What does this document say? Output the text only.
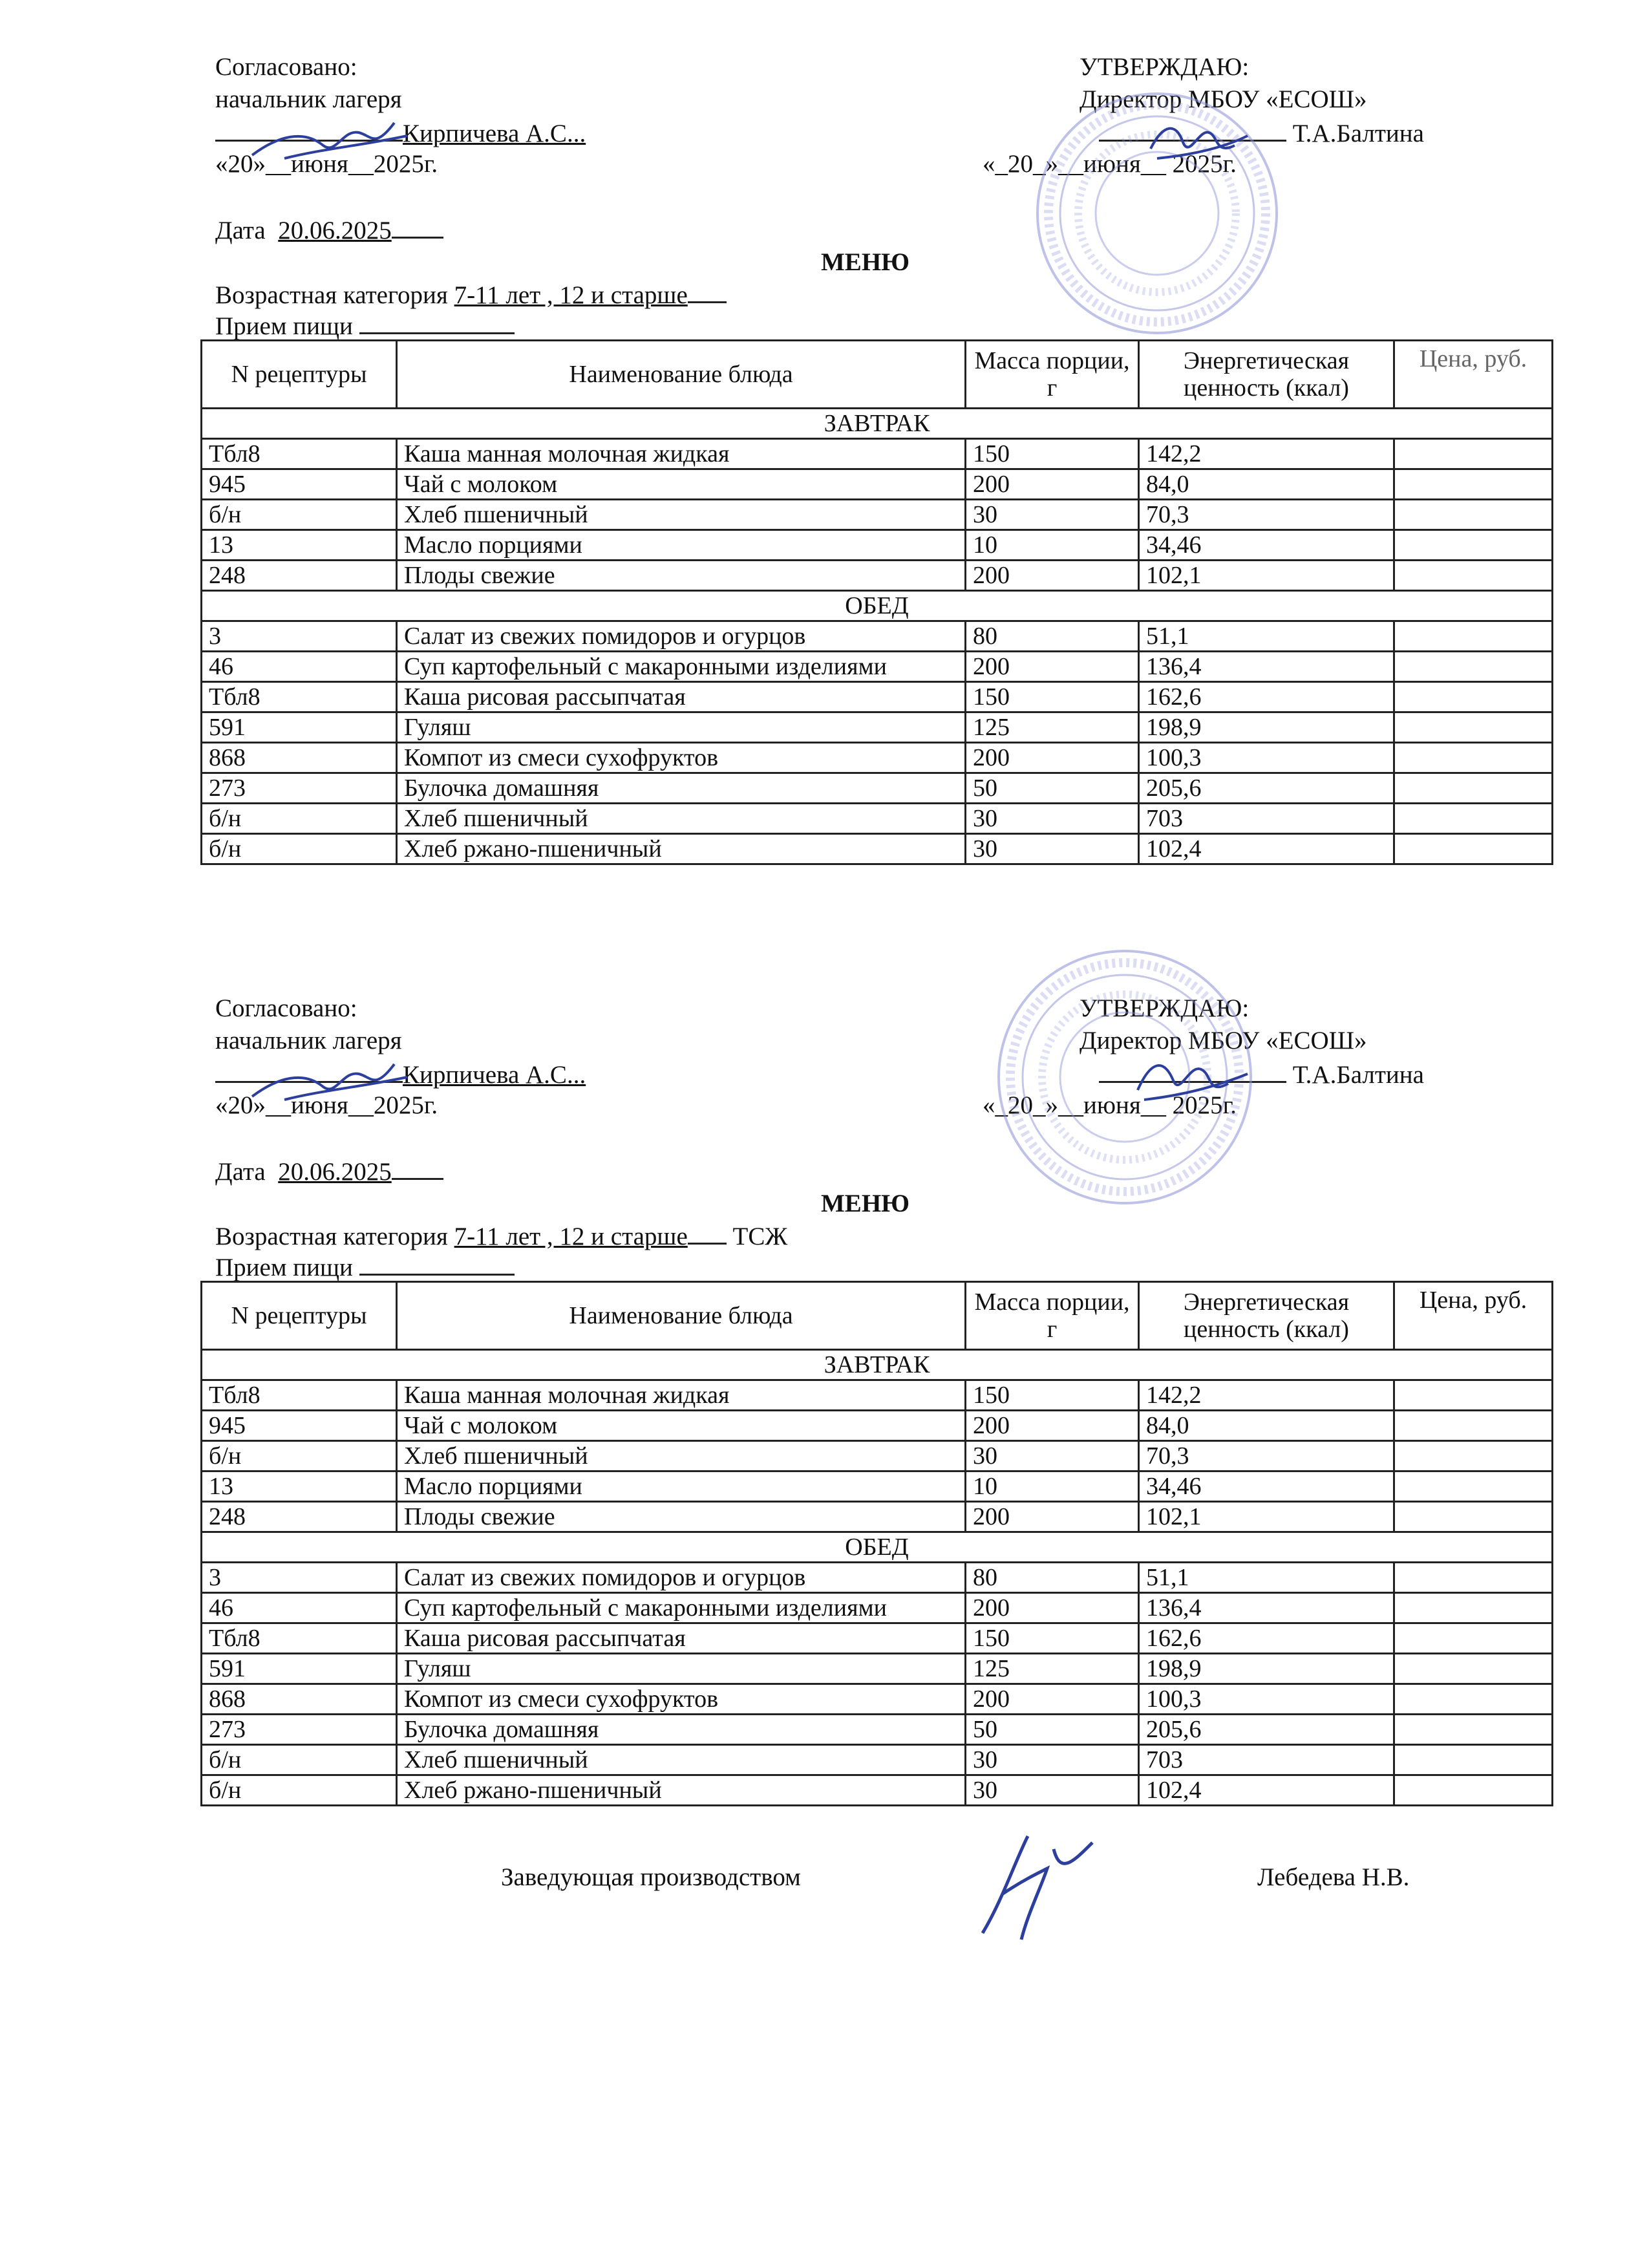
Согласовано:
начальник лагеря
Кирпичева А.С...
«20»__июня__2025г.
УТВЕРЖДАЮ:
Директор МБОУ «ЕСОШ»
Т.А.Балтина
«_20_»__июня__ 2025г.
Дата 20.06.2025
МЕНЮ
Возрастная категория 7-11 лет , 12 и старше
Прием пищи
N рецептуры	Наименование блюда	Масса порции, г	Энергетическая ценность (ккал)	Цена, руб.
ЗАВТРАК				
Тбл8	Каша манная молочная жидкая	150	142,2	
945	Чай с молоком	200	84,0	
б/н	Хлеб пшеничный	30	70,3	
13	Масло порциями	10	34,46	
248	Плоды свежие	200	102,1	
ОБЕД				
3	Салат из свежих помидоров и огурцов	80	51,1	
46	Суп картофельный с макаронными изделиями	200	136,4	
Тбл8	Каша рисовая рассыпчатая	150	162,6	
591	Гуляш	125	198,9	
868	Компот из смеси сухофруктов	200	100,3	
273	Булочка домашняя	50	205,6	
б/н	Хлеб пшеничный	30	703	
б/н	Хлеб ржано-пшеничный	30	102,4	
Согласовано:
начальник лагеря
Кирпичева А.С...
«20»__июня__2025г.
УТВЕРЖДАЮ:
Директор МБОУ «ЕСОШ»
Т.А.Балтина
«_20_»__июня__ 2025г.
Дата 20.06.2025
МЕНЮ
Возрастная категория 7-11 лет , 12 и старше ТСЖ
Прием пищи
N рецептуры	Наименование блюда	Масса порции, г	Энергетическая ценность (ккал)	Цена, руб.
ЗАВТРАК				
Тбл8	Каша манная молочная жидкая	150	142,2	
945	Чай с молоком	200	84,0	
б/н	Хлеб пшеничный	30	70,3	
13	Масло порциями	10	34,46	
248	Плоды свежие	200	102,1	
ОБЕД				
3	Салат из свежих помидоров и огурцов	80	51,1	
46	Суп картофельный с макаронными изделиями	200	136,4	
Тбл8	Каша рисовая рассыпчатая	150	162,6	
591	Гуляш	125	198,9	
868	Компот из смеси сухофруктов	200	100,3	
273	Булочка домашняя	50	205,6	
б/н	Хлеб пшеничный	30	703	
б/н	Хлеб ржано-пшеничный	30	102,4	
Заведующая производством	Лебедева Н.В.
